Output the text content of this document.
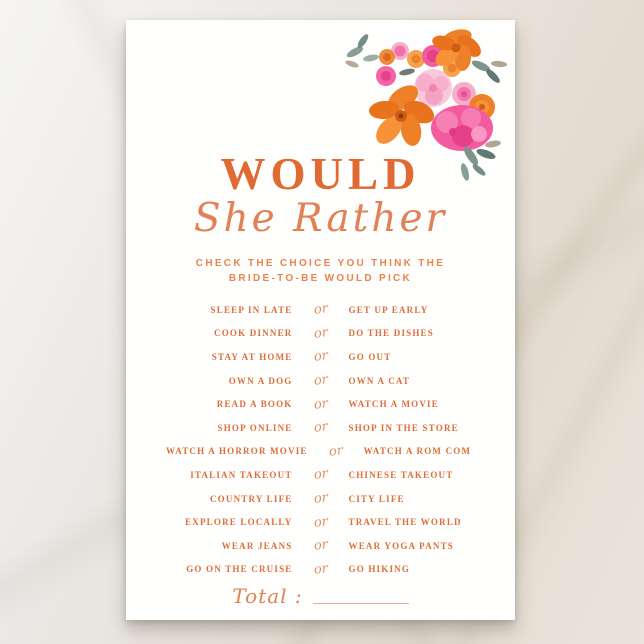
WOULD
She Rather
CHECK THE CHOICE YOU THINK THE
BRIDE-TO-BE WOULD PICK
SLEEP IN LATE	or	GET UP EARLY
COOK DINNER	or	DO THE DISHES
STAY AT HOME	or	GO OUT
OWN A DOG	or	OWN A CAT
READ A BOOK	or	WATCH A MOVIE
SHOP ONLINE	or	SHOP IN THE STORE
WATCH A HORROR MOVIE	or	WATCH A ROM COM
ITALIAN TAKEOUT	or	CHINESE TAKEOUT
COUNTRY LIFE	or	CITY LIFE
EXPLORE LOCALLY	or	TRAVEL THE WORLD
WEAR JEANS	or	WEAR YOGA PANTS
GO ON THE CRUISE	or	GO HIKING
Total :
